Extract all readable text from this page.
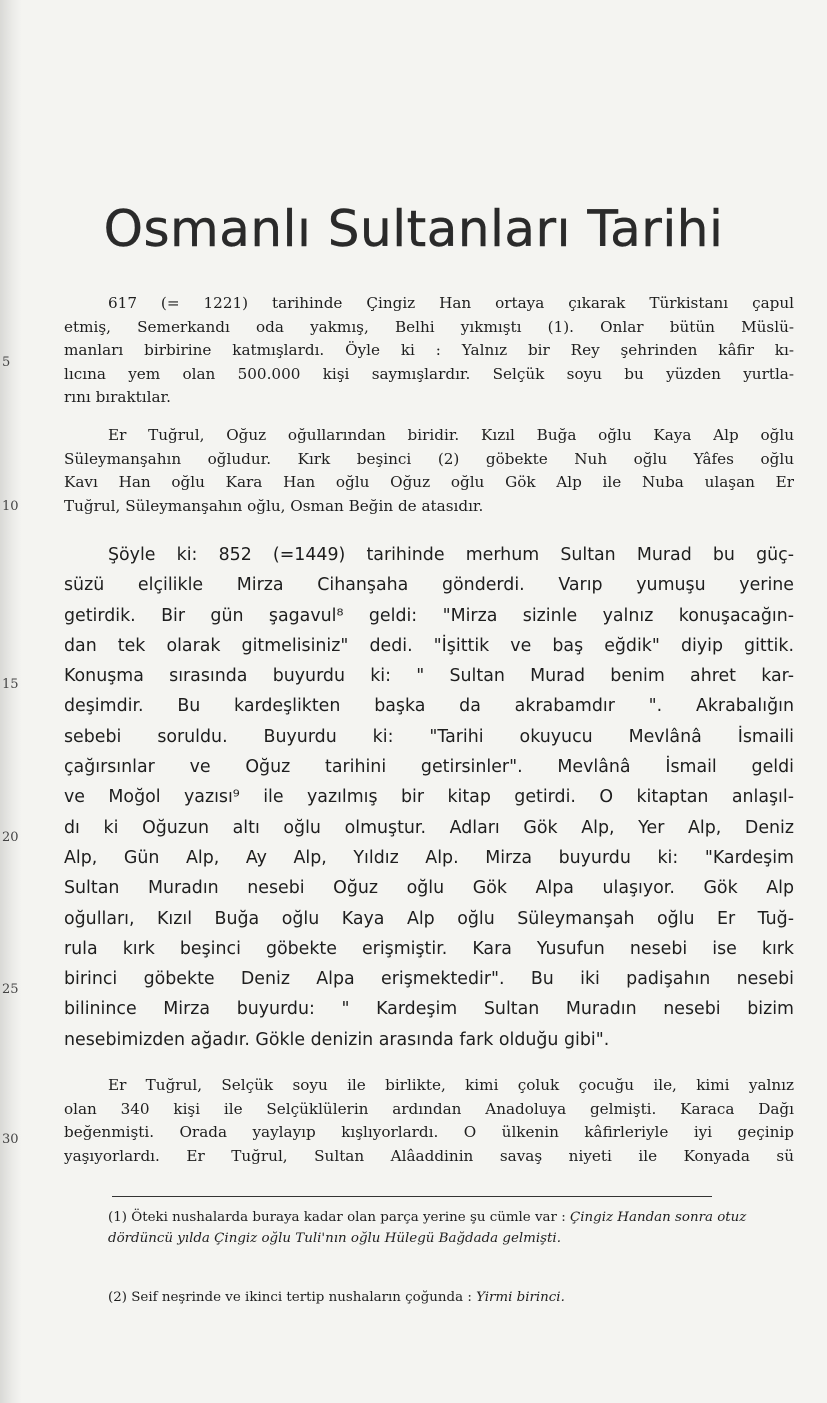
Osmanlı Sultanları Tarihi
5
10
15
20
25
30
617 (= 1221) tarihinde Çingiz Han ortaya çıkarak Türkistanı çapul
etmiş, Semerkandı oda yakmış, Belhi yıkmıştı (1). Onlar bütün Müslü-
manları birbirine katmışlardı. Öyle ki : Yalnız bir Rey şehrinden kâfir kı-
lıcına yem olan 500.000 kişi saymışlardır. Selçük soyu bu yüzden yurtla-
rını bıraktılar.
Er Tuğrul, Oğuz oğullarından biridir. Kızıl Buğa oğlu Kaya Alp oğlu
Süleymanşahın oğludur. Kırk beşinci (2) göbekte Nuh oğlu Yâfes oğlu
Kavı Han oğlu Kara Han oğlu Oğuz oğlu Gök Alp ile Nuba ulaşan Er
Tuğrul, Süleymanşahın oğlu, Osman Beğin de atasıdır.
Şöyle ki: 852 (=1449) tarihinde merhum Sultan Murad bu güç-
süzü elçilikle Mirza Cihanşaha gönderdi. Varıp yumuşu yerine
getirdik. Bir gün şagavul⁸ geldi: "Mirza sizinle yalnız konuşacağın-
dan tek olarak gitmelisiniz" dedi. "İşittik ve baş eğdik" diyip gittik.
Konuşma sırasında buyurdu ki: " Sultan Murad benim ahret kar-
deşimdir. Bu kardeşlikten başka da akrabamdır ". Akrabalığın
sebebi soruldu. Buyurdu ki: "Tarihi okuyucu Mevlânâ İsmaili
çağırsınlar ve Oğuz tarihini getirsinler". Mevlânâ İsmail geldi
ve Moğol yazısı⁹ ile yazılmış bir kitap getirdi. O kitaptan anlaşıl-
dı ki Oğuzun altı oğlu olmuştur. Adları Gök Alp, Yer Alp, Deniz
Alp, Gün Alp, Ay Alp, Yıldız Alp. Mirza buyurdu ki: "Kardeşim
Sultan Muradın nesebi Oğuz oğlu Gök Alpa ulaşıyor. Gök Alp
oğulları, Kızıl Buğa oğlu Kaya Alp oğlu Süleymanşah oğlu Er Tuğ-
rula kırk beşinci göbekte erişmiştir. Kara Yusufun nesebi ise kırk
birinci göbekte Deniz Alpa erişmektedir". Bu iki padişahın nesebi
bilinince Mirza buyurdu: " Kardeşim Sultan Muradın nesebi bizim
nesebimizden ağadır. Gökle denizin arasında fark olduğu gibi".
Er Tuğrul, Selçük soyu ile birlikte, kimi çoluk çocuğu ile, kimi yalnız
olan 340 kişi ile Selçüklülerin ardından Anadoluya gelmişti. Karaca Dağı
beğenmişti. Orada yaylayıp kışlıyorlardı. O ülkenin kâfirleriyle iyi geçinip
yaşıyorlardı. Er Tuğrul, Sultan Alâaddinin savaş niyeti ile Konyada sü
(1) Öteki nushalarda buraya kadar olan parça yerine şu cümle var : Çingiz Handan sonra otuz dördüncü yılda Çingiz oğlu Tuli'nın oğlu Hülegü Bağdada gelmişti.
(2) Seif neşrinde ve ikinci tertip nushaların çoğunda : Yirmi birinci.
